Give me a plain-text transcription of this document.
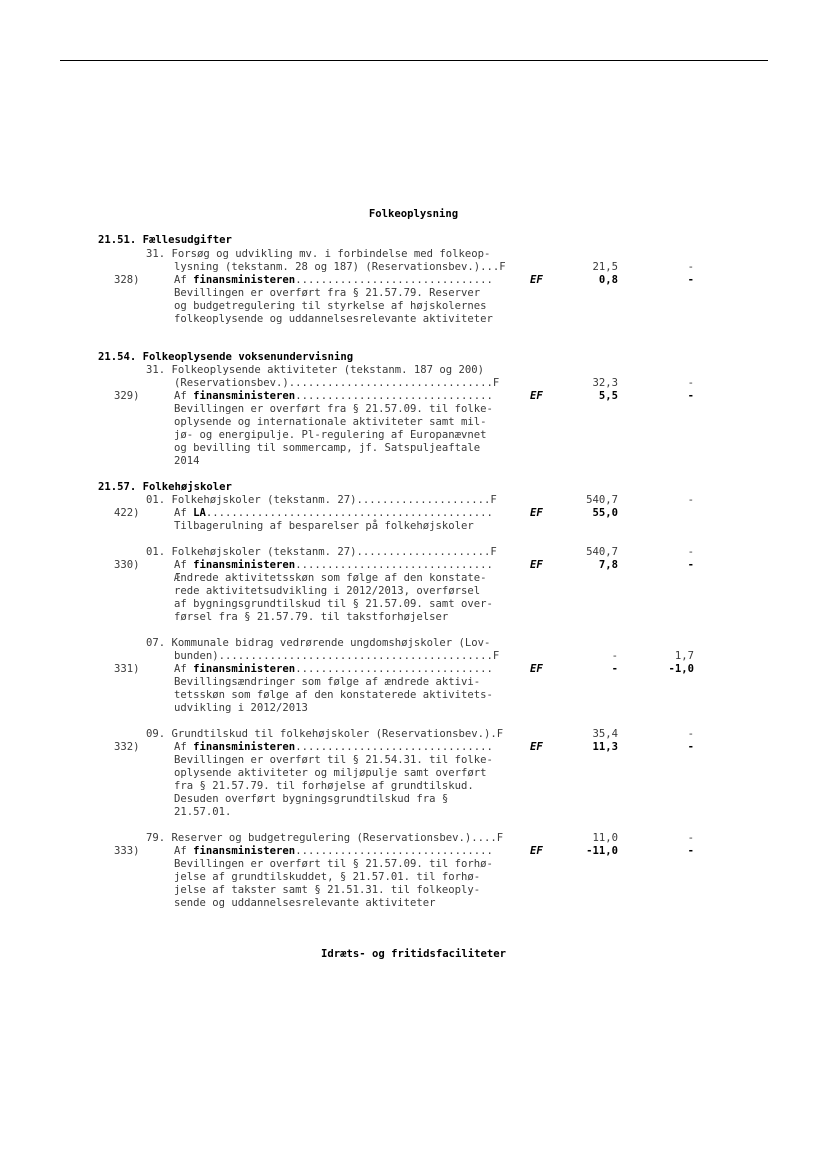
Folkeoplysning
21.51. Fællesudgifter
31. Forsøg og udvikling mv. i forbindelse med folkeop-
lysning (tekstanm. 28 og 187) (Reservationsbev.)...F	21,5	-
328)	Af finansministeren...............................	EF	0,8	-
Bevillingen er overført fra § 21.57.79. Reserver
og budgetregulering til styrkelse af højskolernes
folkeoplysende og uddannelsesrelevante aktiviteter
21.54. Folkeoplysende voksenundervisning
31. Folkeoplysende aktiviteter (tekstanm. 187 og 200)
(Reservationsbev.)................................F	32,3	-
329)	Af finansministeren...............................	EF	5,5	-
Bevillingen er overført fra § 21.57.09. til folke-
oplysende og internationale aktiviteter samt mil-
jø- og energipulje. Pl-regulering af Europanævnet
og bevilling til sommercamp, jf. Satspuljeaftale
2014
21.57. Folkehøjskoler
01. Folkehøjskoler (tekstanm. 27).....................F	540,7	-
422)	Af LA.............................................	EF	55,0
Tilbagerulning af besparelser på folkehøjskoler
01. Folkehøjskoler (tekstanm. 27).....................F	540,7	-
330)	Af finansministeren...............................	EF	7,8	-
Ændrede aktivitetsskøn som følge af den konstate-
rede aktivitetsudvikling i 2012/2013, overførsel
af bygningsgrundtilskud til § 21.57.09. samt over-
førsel fra § 21.57.79. til takstforhøjelser
07. Kommunale bidrag vedrørende ungdomshøjskoler (Lov-
bunden)...........................................F	-	1,7
331)	Af finansministeren...............................	EF	-	-1,0
Bevillingsændringer som følge af ændrede aktivi-
tetsskøn som følge af den konstaterede aktivitets-
udvikling i 2012/2013
09. Grundtilskud til folkehøjskoler (Reservationsbev.).F	35,4	-
332)	Af finansministeren...............................	EF	11,3	-
Bevillingen er overført til § 21.54.31. til folke-
oplysende aktiviteter og miljøpulje samt overført
fra § 21.57.79. til forhøjelse af grundtilskud.
Desuden overført bygningsgrundtilskud fra §
21.57.01.
79. Reserver og budgetregulering (Reservationsbev.)....F	11,0	-
333)	Af finansministeren...............................	EF	-11,0	-
Bevillingen er overført til § 21.57.09. til forhø-
jelse af grundtilskuddet, § 21.57.01. til forhø-
jelse af takster samt § 21.51.31. til folkeoply-
sende og uddannelsesrelevante aktiviteter
Idræts- og fritidsfaciliteter
